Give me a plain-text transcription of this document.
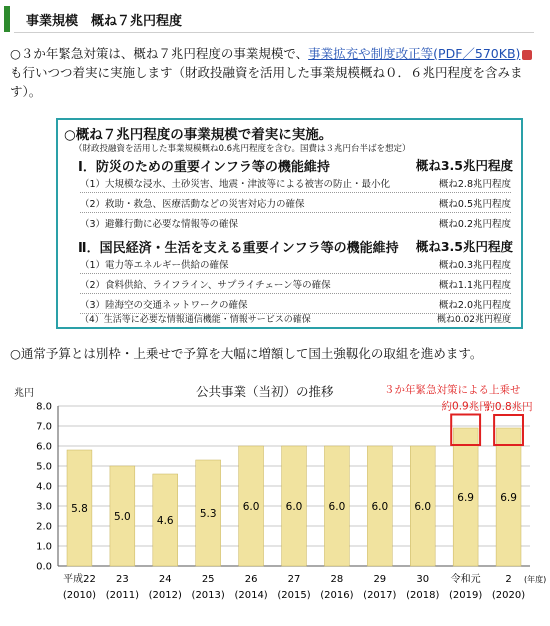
事業規模　概ね７兆円程度
○３か年緊急対策は、概ね７兆円程度の事業規模で、事業拡充や制度改正等(PDF／570KB)も行いつつ着実に実施します（財政投融資を活用した事業規模概ね０．６兆円程度を含みます）。
○概ね７兆円程度の事業規模で着実に実施。
（財政投融資を活用した事業規模概ね0.6兆円程度を含む。国費は３兆円台半ばを想定）
Ⅰ．防災のための重要インフラ等の機能維持	概ね3.5兆円程度
（1）大規模な浸水、土砂災害、地震・津波等による被害の防止・最小化	概ね2.8兆円程度
（2）救助・救急、医療活動などの災害対応力の確保	概ね0.5兆円程度
（3）避難行動に必要な情報等の確保	概ね0.2兆円程度
Ⅱ．国民経済・生活を支える重要インフラ等の機能維持 概ね3.5兆円程度
（1）電力等エネルギー供給の確保	概ね0.3兆円程度
（2）食料供給、ライフライン、サプライチェーン等の確保	概ね1.1兆円程度
（3）陸海空の交通ネットワークの確保	概ね2.0兆円程度
（4）生活等に必要な情報通信機能・情報サービスの確保	概ね0.02兆円程度
○通常予算とは別枠・上乗せで予算を大幅に増額して国土強靱化の取組を進めます。
0.0
1.0
2.0
3.0
4.0
5.0
6.0
7.0
8.0
5.8
平成22
(2010)
5.0
23
(2011)
4.6
24
(2012)
5.3
25
(2013)
6.0
26
(2014)
6.0
27
(2015)
6.0
28
(2016)
6.0
29
(2017)
6.0
30
(2018)
6.9
令和元
(2019)
6.9
2
(2020)
(年度)
約0.9兆円
約0.8兆円
公共事業（当初）の推移
兆円	３か年緊急対策による上乗せ
